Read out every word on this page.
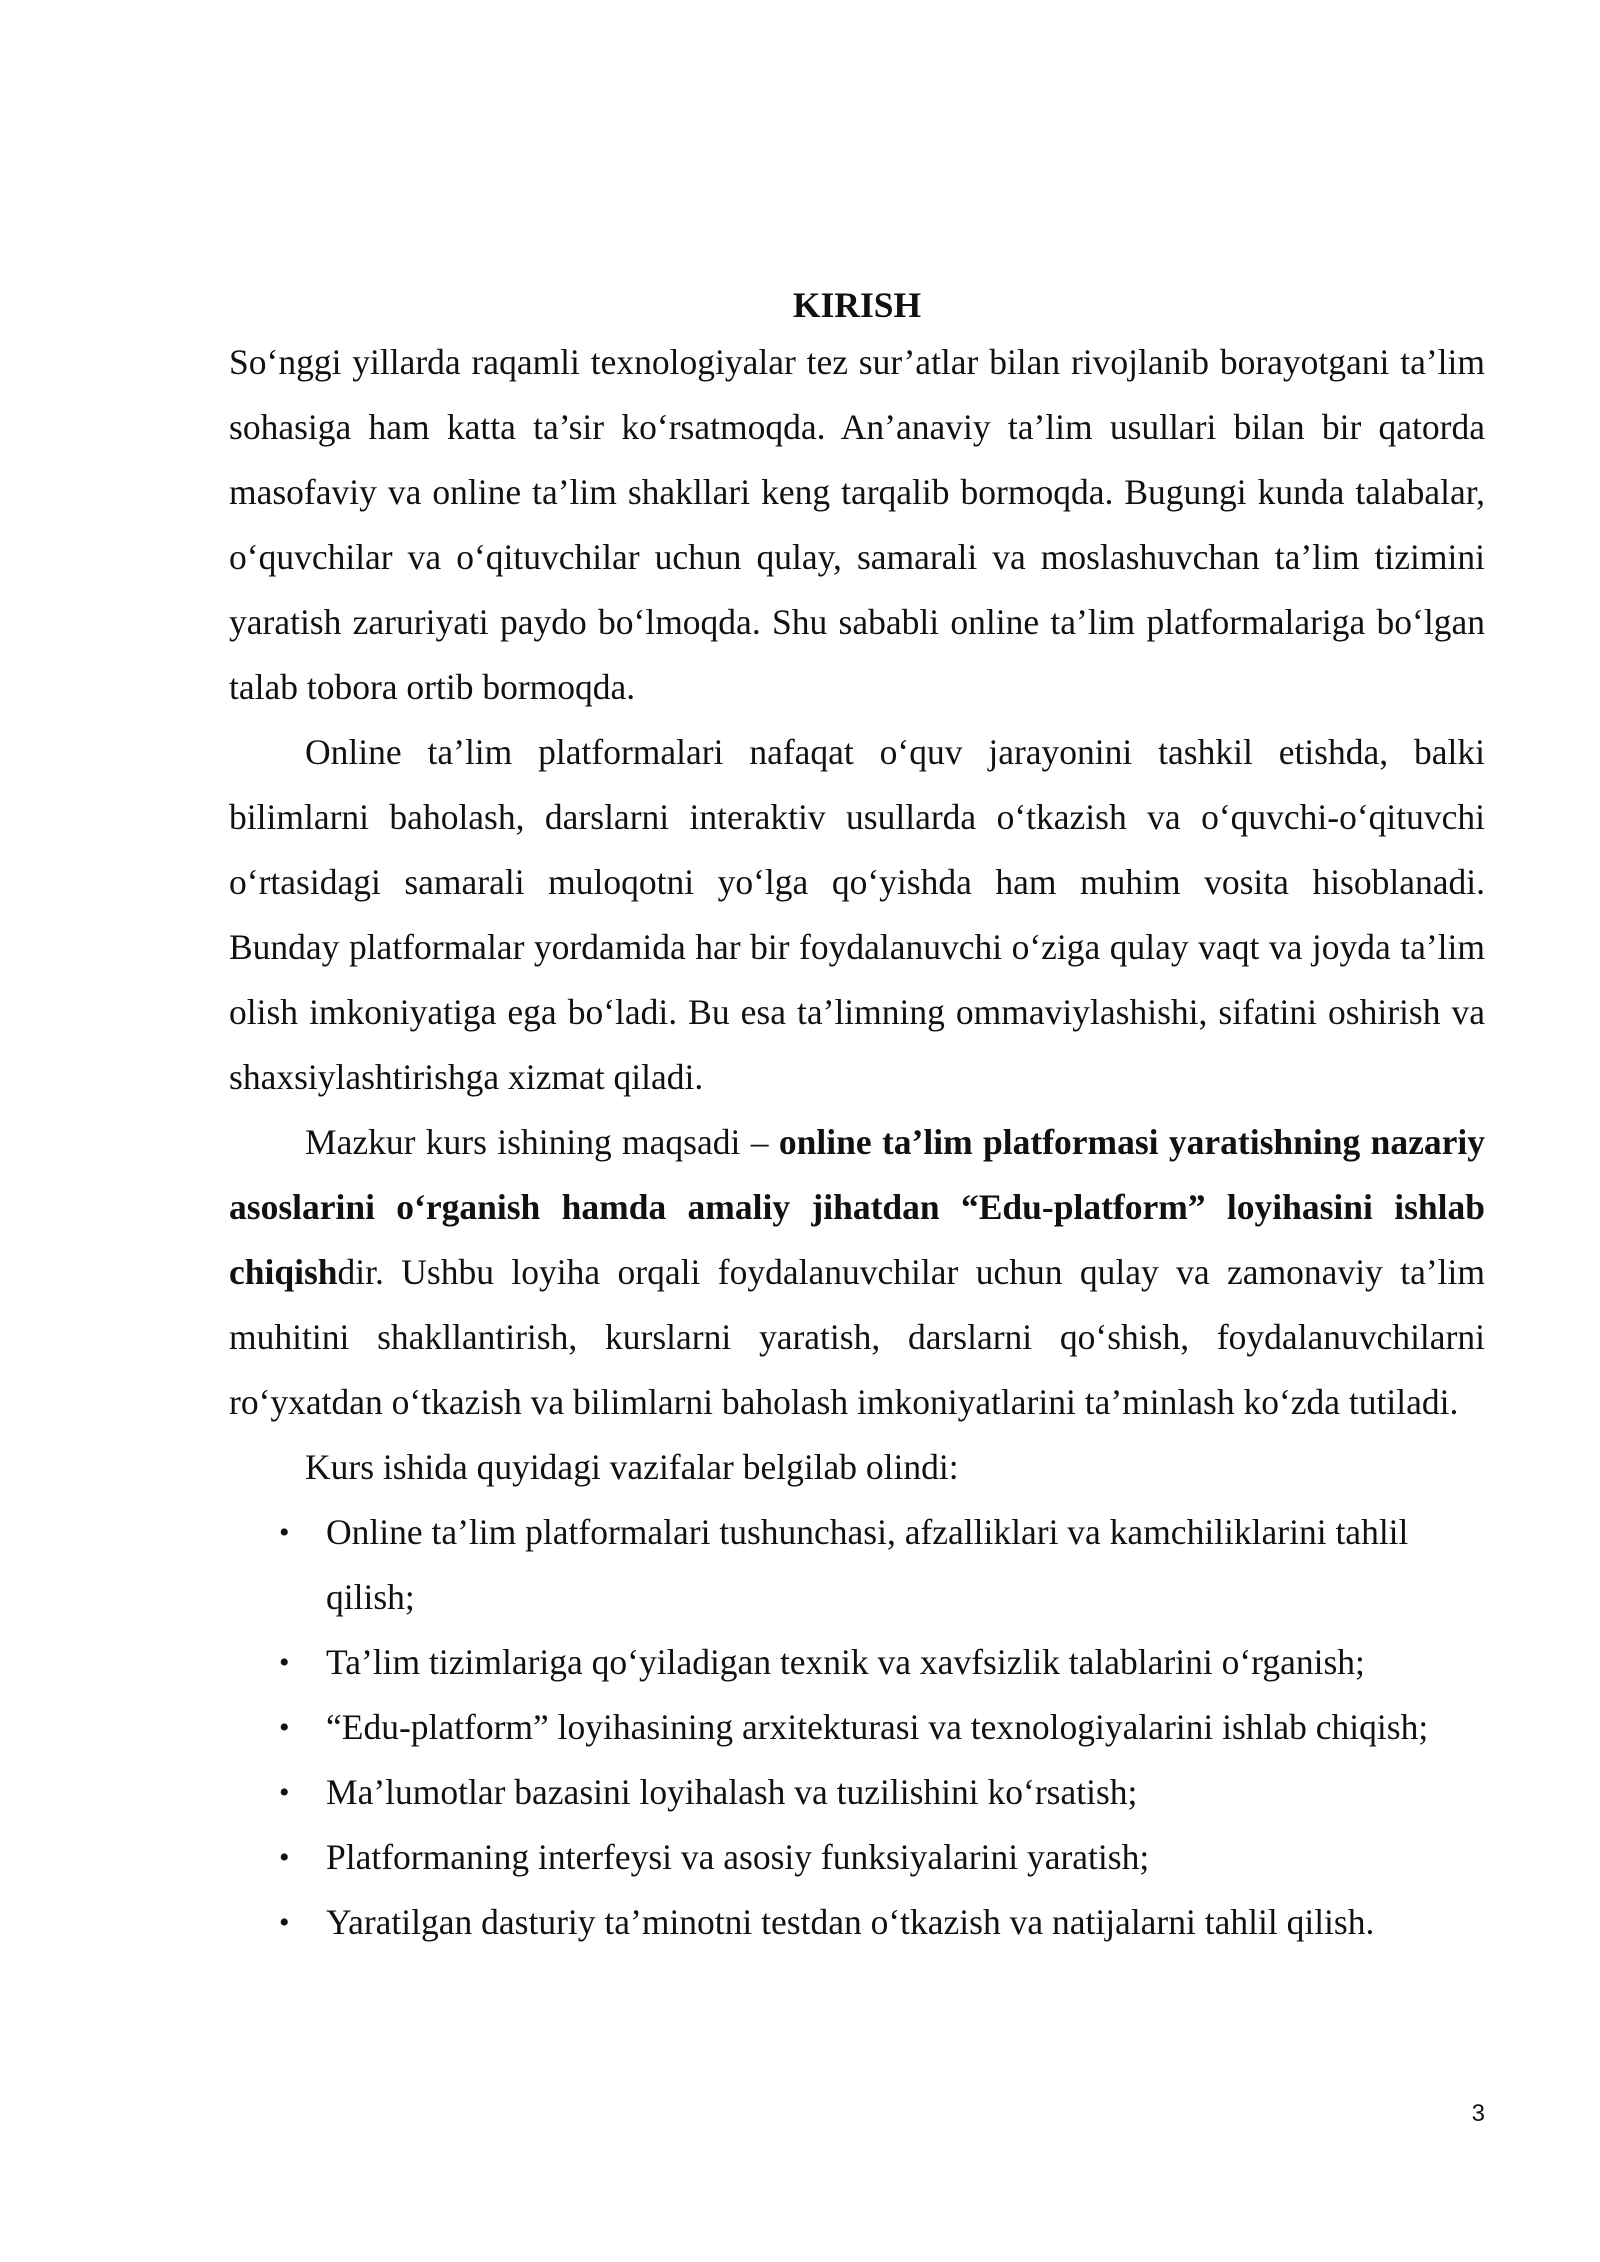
KIRISH

So‘nggi yillarda raqamli texnologiyalar tez sur’atlar bilan rivojlanib borayotgani ta’lim sohasiga ham katta ta’sir ko‘rsatmoqda. An’anaviy ta’lim usullari bilan bir qatorda masofaviy va online ta’lim shakllari keng tarqalib bormoqda. Bugungi kunda talabalar, o‘quvchilar va o‘qituvchilar uchun qulay, samarali va moslashuvchan ta’lim tizimini yaratish zaruriyati paydo bo‘lmoqda. Shu sababli online ta’lim platformalariga bo‘lgan talab tobora ortib bormoqda.

Online ta’lim platformalari nafaqat o‘quv jarayonini tashkil etishda, balki bilimlarni baholash, darslarni interaktiv usullarda o‘tkazish va o‘quvchi-o‘qituvchi o‘rtasidagi samarali muloqotni yo‘lga qo‘yishda ham muhim vosita hisoblanadi. Bunday platformalar yordamida har bir foydalanuvchi o‘ziga qulay vaqt va joyda ta’lim olish imkoniyatiga ega bo‘ladi. Bu esa ta’limning ommaviylashishi, sifatini oshirish va shaxsiylashtirishga xizmat qiladi.

Mazkur kurs ishining maqsadi – online ta’lim platformasi yaratishning nazariy asoslarini o‘rganish hamda amaliy jihatdan “Edu-platform” loyihasini ishlab chiqishdir. Ushbu loyiha orqali foydalanuvchilar uchun qulay va zamonaviy ta’lim muhitini shakllantirish, kurslarni yaratish, darslarni qo‘shish, foydalanuvchilarni ro‘yxatdan o‘tkazish va bilimlarni baholash imkoniyatlarini ta’minlash ko‘zda tutiladi.

Kurs ishida quyidagi vazifalar belgilab olindi:

• Online ta’lim platformalari tushunchasi, afzalliklari va kamchiliklarini tahlil qilish;
• Ta’lim tizimlariga qo‘yiladigan texnik va xavfsizlik talablarini o‘rganish;
• “Edu-platform” loyihasining arxitekturasi va texnologiyalarini ishlab chiqish;
• Ma’lumotlar bazasini loyihalash va tuzilishini ko‘rsatish;
• Platformaning interfeysi va asosiy funksiyalarini yaratish;
• Yaratilgan dasturiy ta’minotni testdan o‘tkazish va natijalarni tahlil qilish.
3
